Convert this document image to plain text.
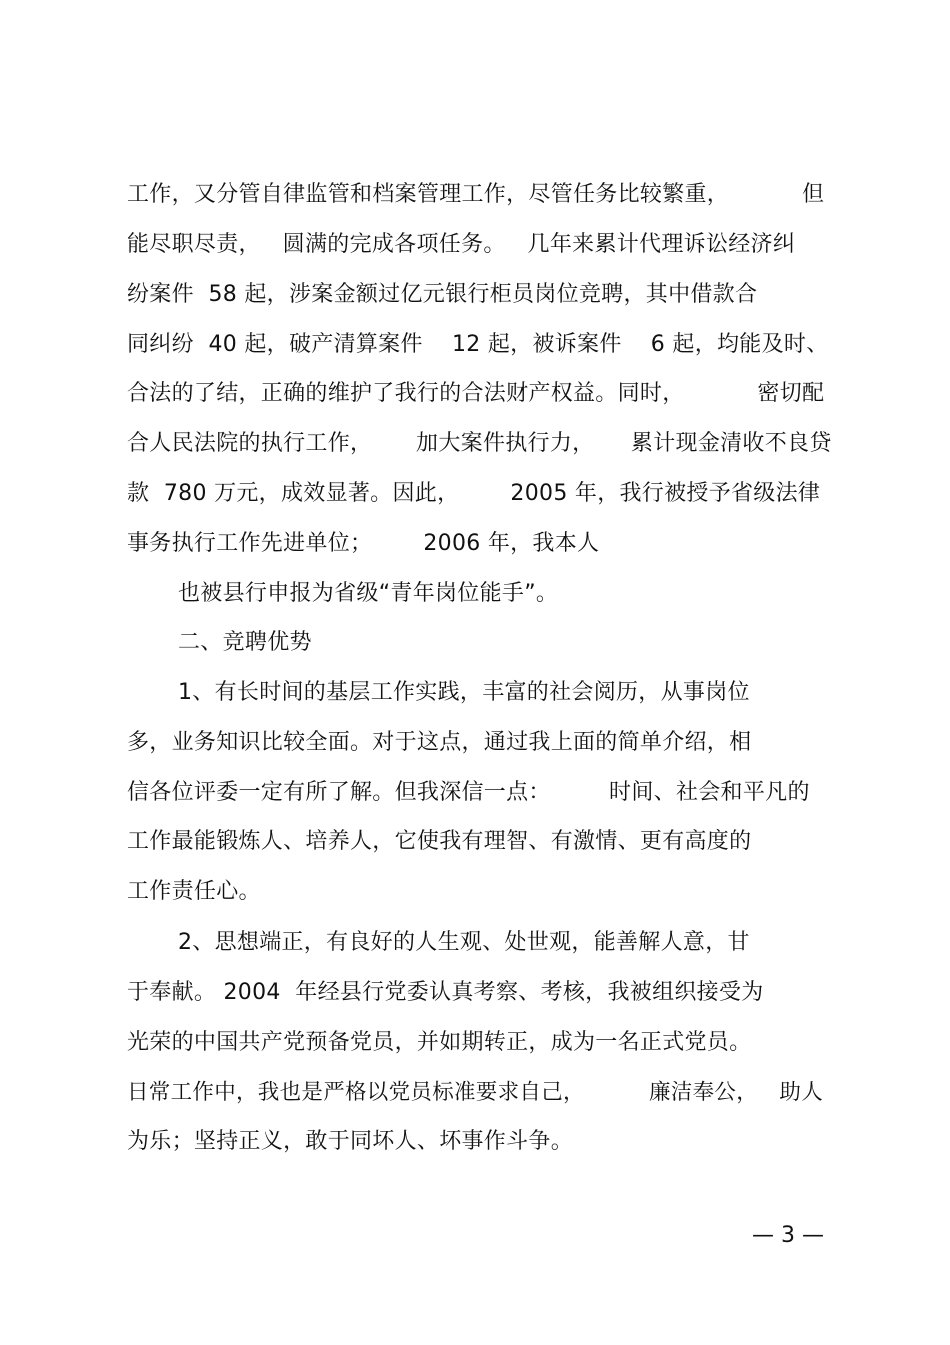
工作，又分管自律监管和档案管理工作，尽管任务比较繁重，          但
能尽职尽责，   圆满的完成各项任务。   几年来累计代理诉讼经济纠
纷案件  58 起，涉案金额过亿元银行柜员岗位竞聘，其中借款合
同纠纷  40 起，破产清算案件    12 起，被诉案件    6 起，均能及时、
合法的了结，正确的维护了我行的合法财产权益。同时，          密切配
合人民法院的执行工作，      加大案件执行力，     累计现金清收不良贷
款  780 万元，成效显著。因此，       2005 年，我行被授予省级法律
事务执行工作先进单位；       2006 年，我本人
也被县行申报为省级“青年岗位能手”。
二、竞聘优势
1、有长时间的基层工作实践，丰富的社会阅历，从事岗位
多，业务知识比较全面。对于这点，通过我上面的简单介绍，相
信各位评委一定有所了解。但我深信一点：        时间、社会和平凡的
工作最能锻炼人、培养人，它使我有理智、有激情、更有高度的
工作责任心。
2、思想端正，有良好的人生观、处世观，能善解人意，甘
于奉献。 2004  年经县行党委认真考察、考核，我被组织接受为
光荣的中国共产党预备党员，并如期转正，成为一名正式党员。
日常工作中，我也是严格以党员标准要求自己，         廉洁奉公，   助人
为乐；坚持正义，敢于同坏人、坏事作斗争。
— 3 —
